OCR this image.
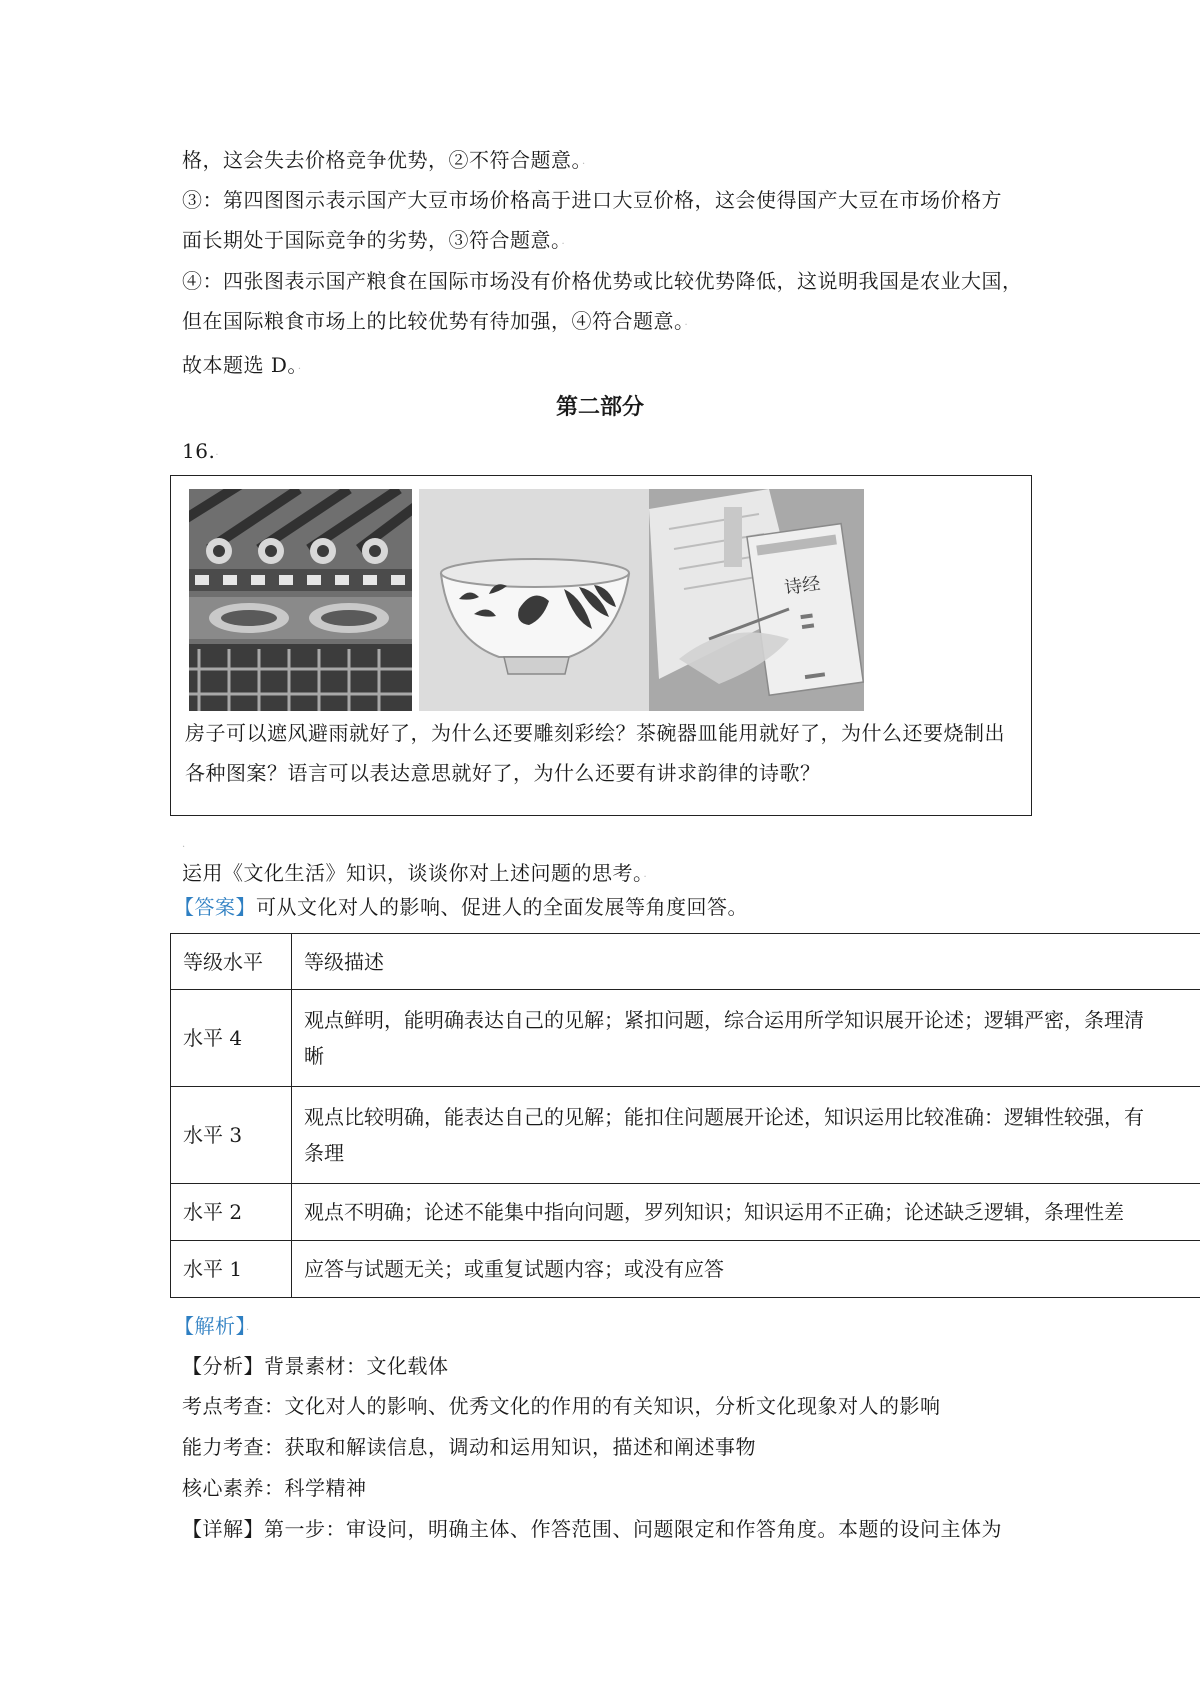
格，这会失去价格竞争优势，②不符合题意。·
③：第四图图示表示国产大豆市场价格高于进口大豆价格，这会使得国产大豆在市场价格方
面长期处于国际竞争的劣势，③符合题意。·
④：四张图表示国产粮食在国际市场没有价格优势或比较优势降低，这说明我国是农业大国，
但在国际粮食市场上的比较优势有待加强，④符合题意。·
故本题选 D。·
第二部分
16.·
诗经
房子可以遮风避雨就好了，为什么还要雕刻彩绘？茶碗器皿能用就好了，为什么还要烧制出
各种图案？语言可以表达意思就好了，为什么还要有讲求韵律的诗歌？
·
运用《文化生活》知识，谈谈你对上述问题的思考。·
【答案】可从文化对人的影响、促进人的全面发展等角度回答。
等级水平	等级描述
水平 4	观点鲜明，能明确表达自己的见解；紧扣问题，综合运用所学知识展开论述；逻辑严密，条理清
晰

水平 3	观点比较明确，能表达自己的见解；能扣住问题展开论述，知识运用比较准确：逻辑性较强，有
条理

水平 2	观点不明确；论述不能集中指向问题，罗列知识；知识运用不正确；论述缺乏逻辑，条理性差

水平 1	应答与试题无关；或重复试题内容；或没有应答
【解析】·
【分析】背景素材：文化载体
考点考查：文化对人的影响、优秀文化的作用的有关知识，分析文化现象对人的影响
能力考查：获取和解读信息，调动和运用知识，描述和阐述事物
核心素养：科学精神
【详解】第一步：审设问，明确主体、作答范围、问题限定和作答角度。本题的设问主体为
